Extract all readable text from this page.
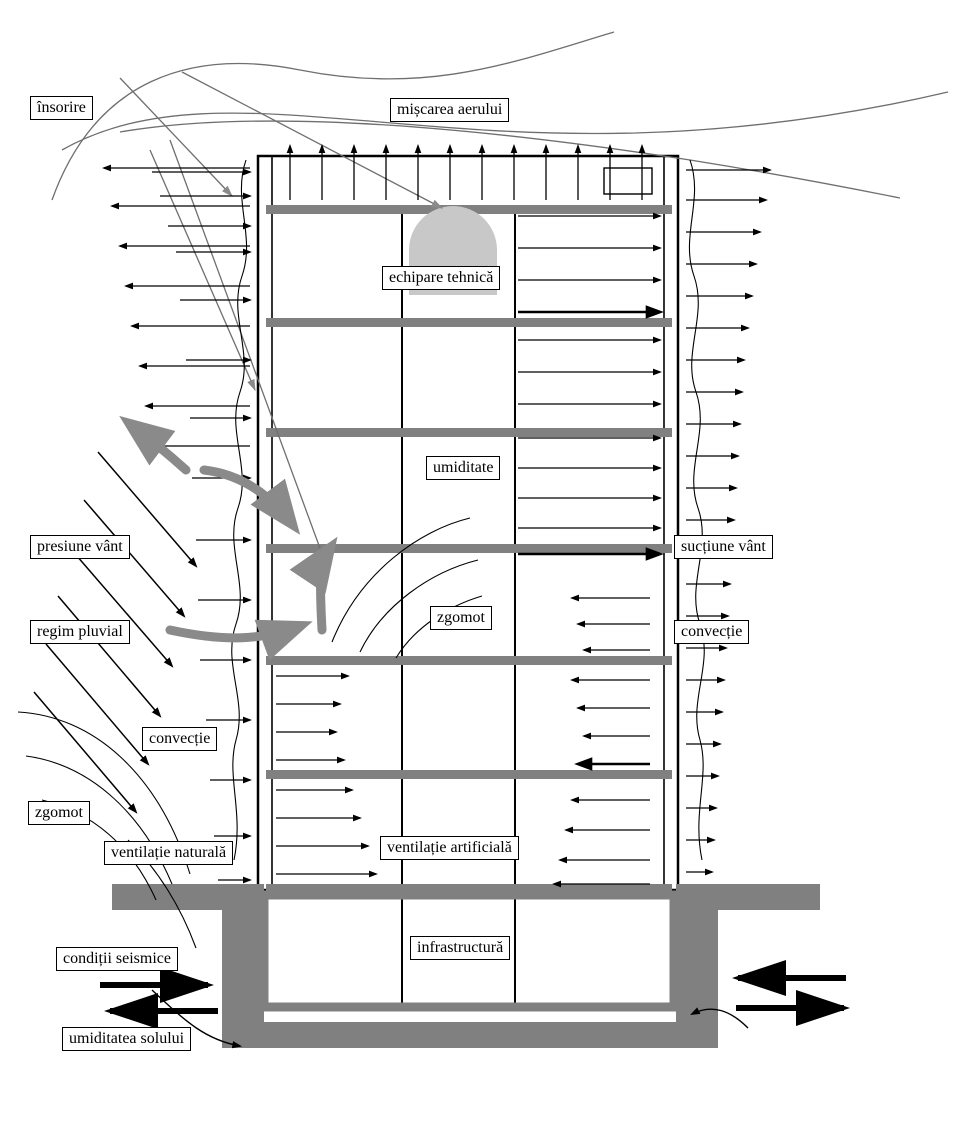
însorire	mișcarea aerului
echipare tehnică
umiditate
presiune vânt	sucțiune vânt
regim pluvial
zgomot
convecție
convecție
zgomot
ventilație naturală	ventilație artificială
infrastructură
condiții seismice
umiditatea solului
